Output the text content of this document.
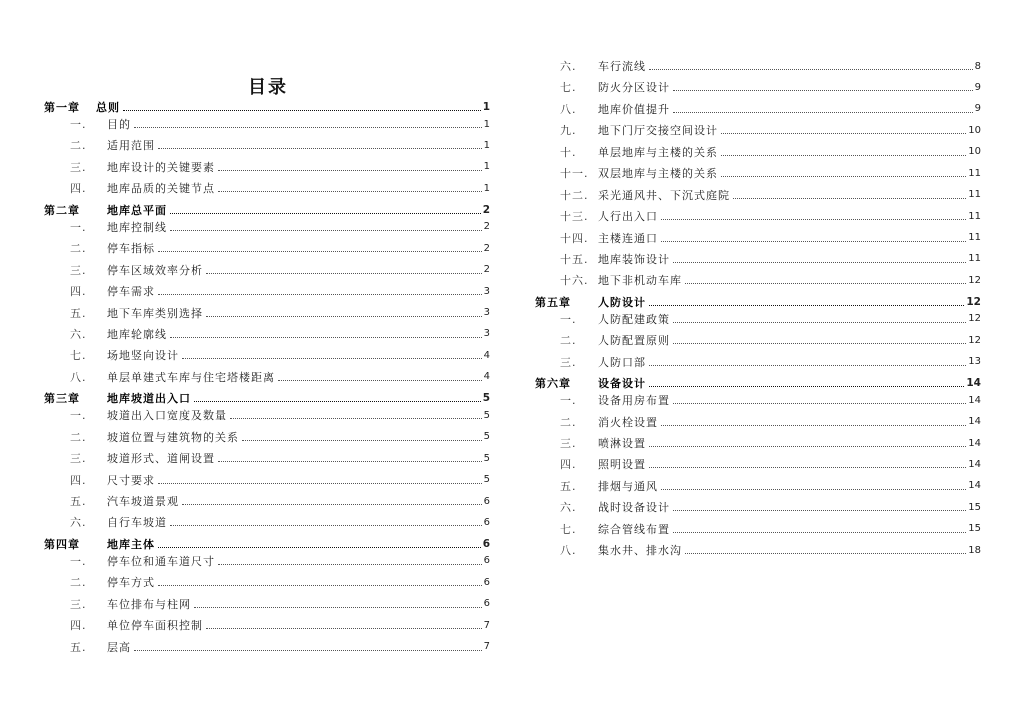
目录
第一章	总则	1
一.	目的	1
二.	适用范围	1
三.	地库设计的关键要素	1
四.	地库品质的关键节点	1
第二章	地库总平面	2
一.	地库控制线	2
二.	停车指标	2
三.	停车区域效率分析	2
四.	停车需求	3
五.	地下车库类别选择	3
六.	地库轮廓线	3
七.	场地竖向设计	4
八.	单层单建式车库与住宅塔楼距离	4
第三章	地库坡道出入口	5
一.	坡道出入口宽度及数量	5
二.	坡道位置与建筑物的关系	5
三.	坡道形式、道闸设置	5
四.	尺寸要求	5
五.	汽车坡道景观	6
六.	自行车坡道	6
第四章	地库主体	6
一.	停车位和通车道尺寸	6
二.	停车方式	6
三.	车位排布与柱网	6
四.	单位停车面积控制	7
五.	层高	7
六.	车行流线	8
七.	防火分区设计	9
八.	地库价值提升	9
九.	地下门厅交接空间设计	10
十.	单层地库与主楼的关系	10
十一. 双层地库与主楼的关系	11
十二. 采光通风井、下沉式庭院	11
十三. 人行出入口	11
十四. 主楼连通口	11
十五. 地库装饰设计	11
十六. 地下非机动车库	12
第五章	人防设计	12
一.	人防配建政策	12
二.	人防配置原则	12
三.	人防口部	13
第六章	设备设计	14
一.	设备用房布置	14
二.	消火栓设置	14
三.	喷淋设置	14
四.	照明设置	14
五.	排烟与通风	14
六.	战时设备设计	15
七.	综合管线布置	15
八.	集水井、排水沟	18
